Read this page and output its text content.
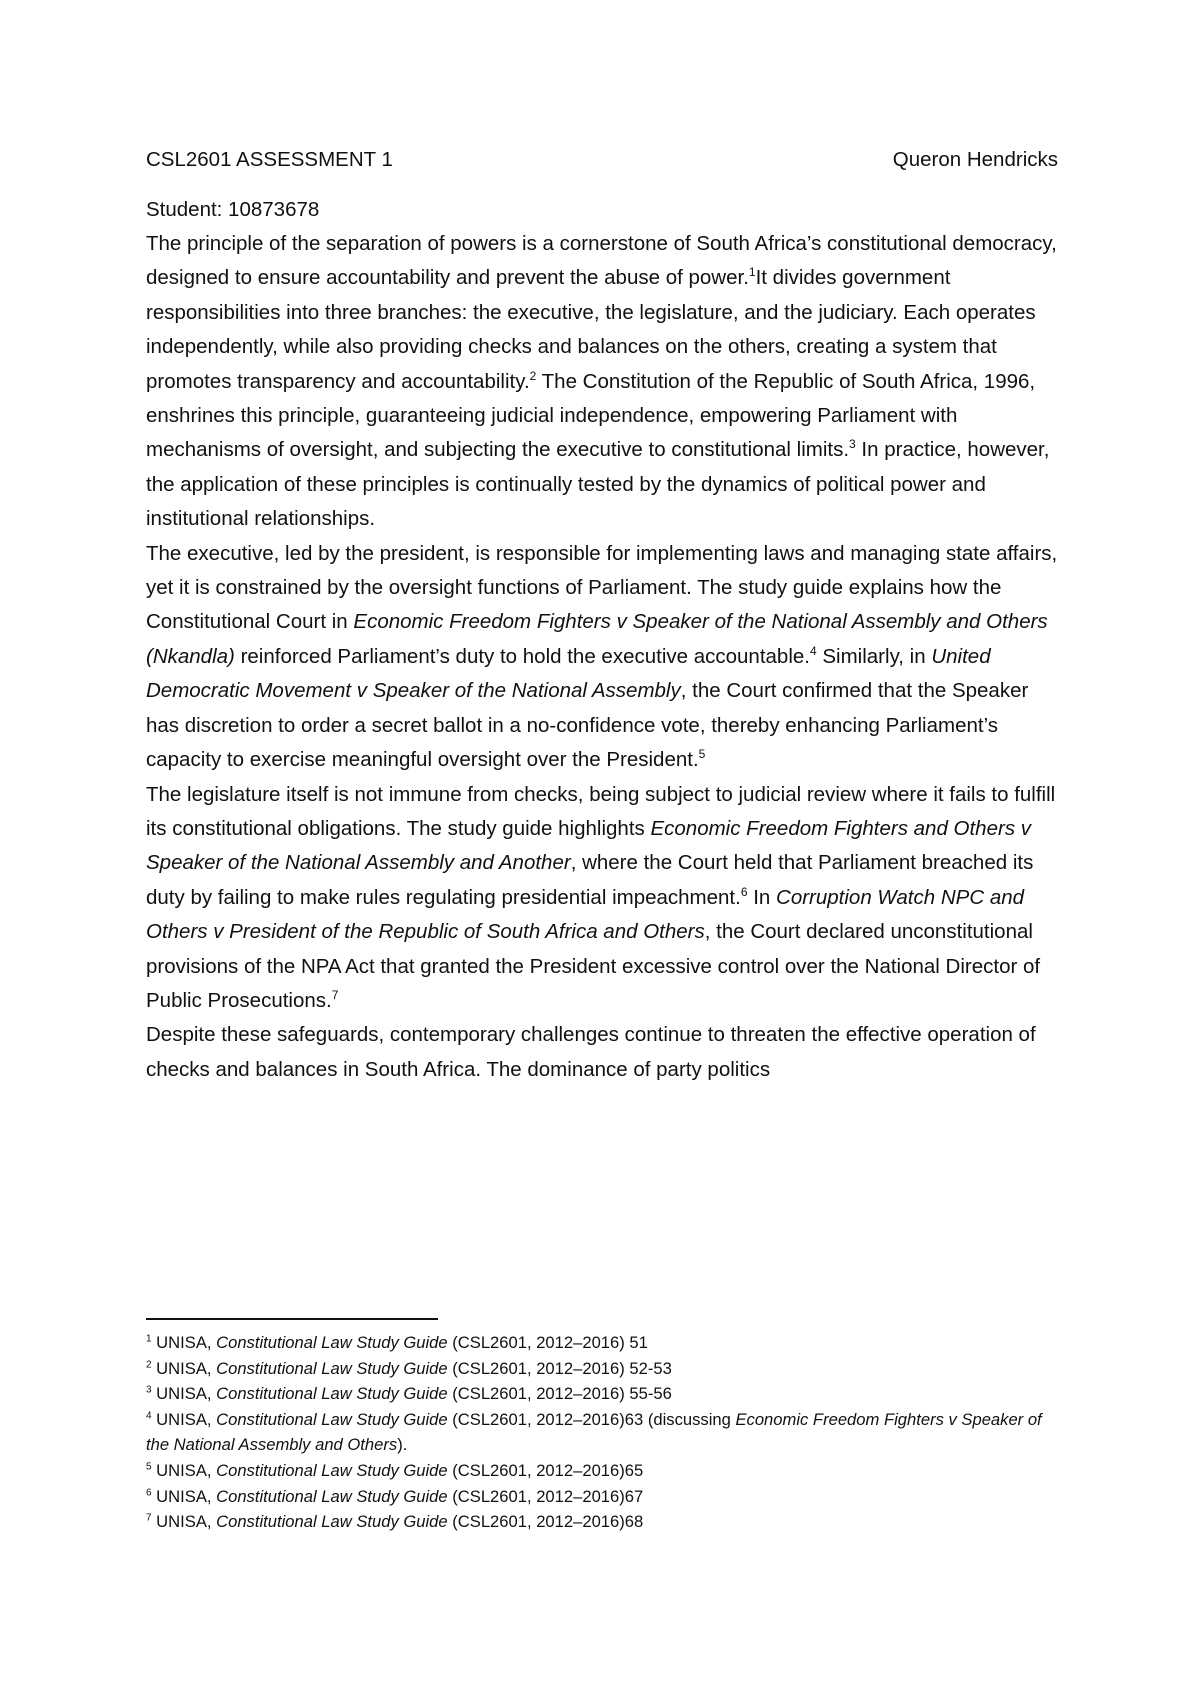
CSL2601 ASSESSMENT 1	Queron Hendricks
Student: 10873678

The principle of the separation of powers is a cornerstone of South Africa’s constitutional democracy, designed to ensure accountability and prevent the abuse of power.$^1$It divides government responsibilities into three branches: the executive, the legislature, and the judiciary. Each operates independently, while also providing checks and balances on the others, creating a system that promotes transparency and accountability.$^2$ The Constitution of the Republic of South Africa, 1996, enshrines this principle, guaranteeing judicial independence, empowering Parliament with mechanisms of oversight, and subjecting the executive to constitutional limits.$^3$ In practice, however, the application of these principles is continually tested by the dynamics of political power and institutional relationships.

The executive, led by the president, is responsible for implementing laws and managing state affairs, yet it is constrained by the oversight functions of Parliament. The study guide explains how the Constitutional Court in Economic Freedom Fighters v Speaker of the National Assembly and Others (Nkandla) reinforced Parliament’s duty to hold the executive accountable.$^4$ Similarly, in United Democratic Movement v Speaker of the National Assembly, the Court confirmed that the Speaker has discretion to order a secret ballot in a no-confidence vote, thereby enhancing Parliament’s capacity to exercise meaningful oversight over the President.$^5$

The legislature itself is not immune from checks, being subject to judicial review where it fails to fulfill its constitutional obligations. The study guide highlights Economic Freedom Fighters and Others v Speaker of the National Assembly and Another, where the Court held that Parliament breached its duty by failing to make rules regulating presidential impeachment.$^6$ In Corruption Watch NPC and Others v President of the Republic of South Africa and Others, the Court declared unconstitutional provisions of the NPA Act that granted the President excessive control over the National Director of Public Prosecutions.$^7$

Despite these safeguards, contemporary challenges continue to threaten the effective operation of checks and balances in South Africa. The dominance of party politics

$^1$ UNISA, Constitutional Law Study Guide (CSL2601, 2012–2016) 51

$^2$ UNISA, Constitutional Law Study Guide (CSL2601, 2012–2016) 52-53

$^3$ UNISA, Constitutional Law Study Guide (CSL2601, 2012–2016) 55-56

$^4$ UNISA, Constitutional Law Study Guide (CSL2601, 2012–2016)63 (discussing Economic Freedom Fighters v Speaker of the National Assembly and Others).

$^5$ UNISA, Constitutional Law Study Guide (CSL2601, 2012–2016)65

$^6$ UNISA, Constitutional Law Study Guide (CSL2601, 2012–2016)67

$^7$ UNISA, Constitutional Law Study Guide (CSL2601, 2012–2016)68
